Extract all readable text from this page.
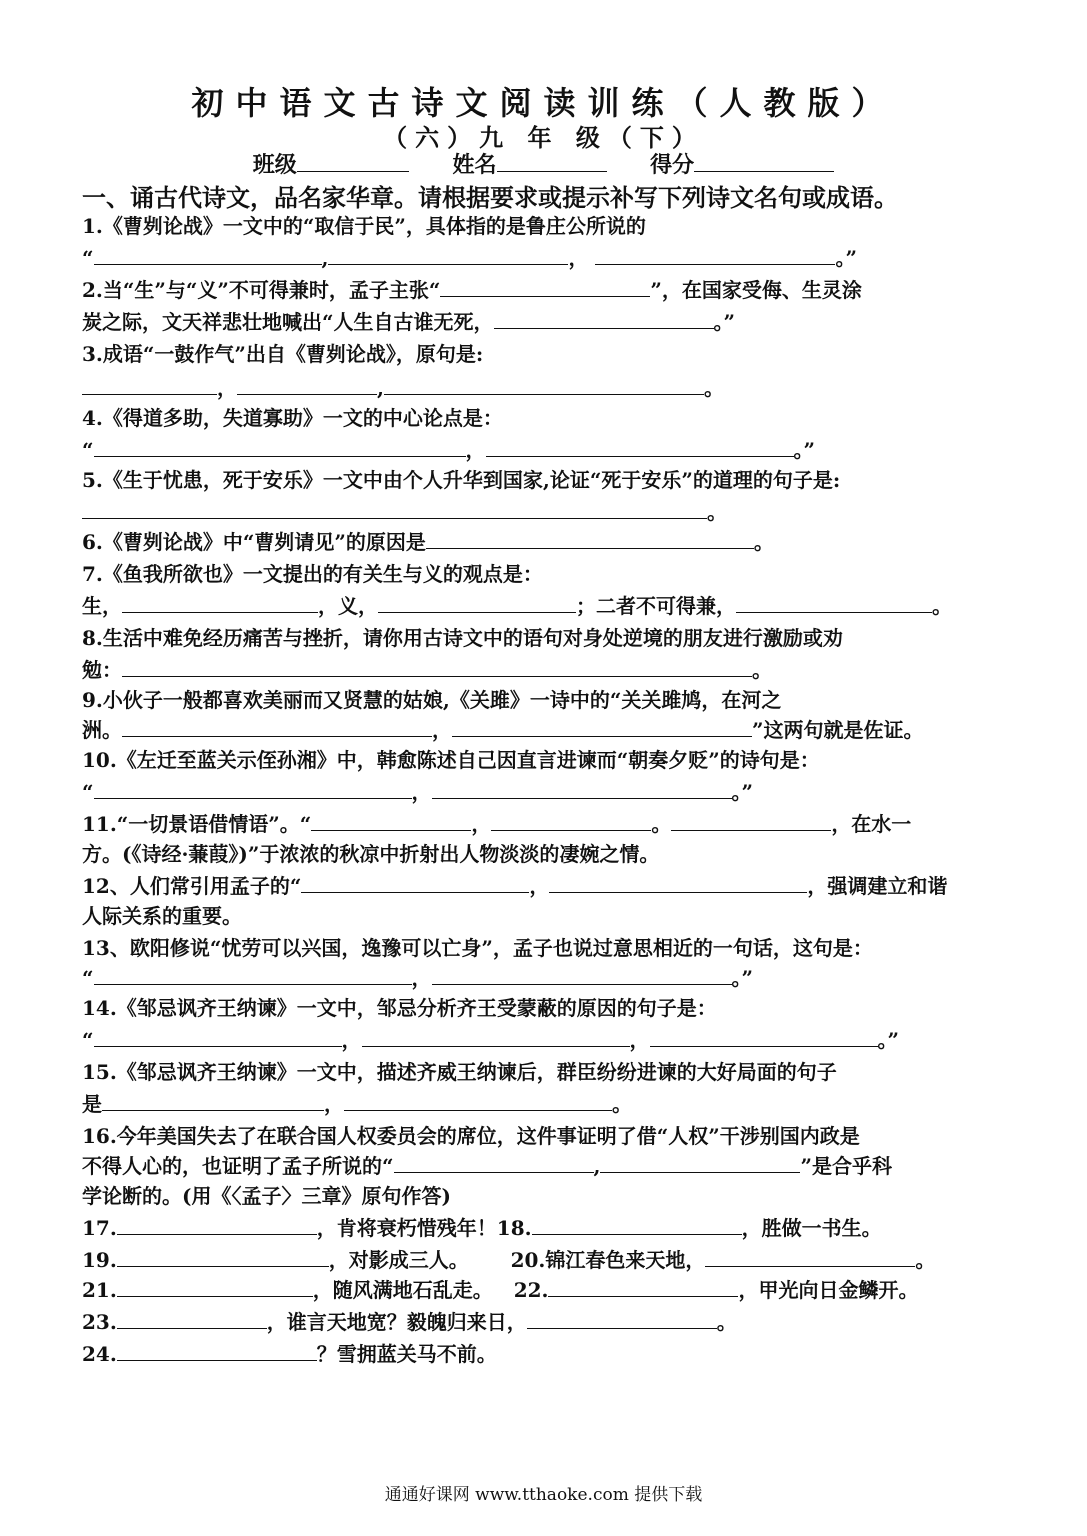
初中语文古诗文阅读训练（人教版）
（六）九 年 级（下）
班级	姓名	得分
一、诵古代诗文，品名家华章。请根据要求或提示补写下列诗文名句或成语。
1.《曹刿论战》一文中的“取信于民”，具体指的是鲁庄公所说的
“	,	，	。”
2.当“生”与“义”不可得兼时，孟子主张“	”，在国家受侮、生灵涂
炭之际，文天祥悲壮地喊出“人生自古谁无死，	。”
3.成语“一鼓作气”出自《曹刿论战》，原句是:
，	,	。
4.《得道多助，失道寡助》一文的中心论点是：
“	，	。”
5.《生于忧患，死于安乐》一文中由个人升华到国家,论证“死于安乐”的道理的句子是:
。
6.《曹刿论战》中“曹刿请见”的原因是	。
7.《鱼我所欲也》一文提出的有关生与义的观点是：
生，	，义，	；二者不可得兼，	。
8.生活中难免经历痛苦与挫折，请你用古诗文中的语句对身处逆境的朋友进行激励或劝
勉：	。
9.小伙子一般都喜欢美丽而又贤慧的姑娘,《关雎》一诗中的“关关雎鸠，在河之
洲。	，	”这两句就是佐证。
10.《左迁至蓝关示侄孙湘》中，韩愈陈述自己因直言进谏而“朝奏夕贬”的诗句是：
“	，	。”
11.“一切景语借情语”。“	，	。	，在水一
方。(《诗经·蒹葭》)”于浓浓的秋凉中折射出人物淡淡的凄婉之情。
12、人们常引用孟子的“	，	，强调建立和谐
人际关系的重要。
13、欧阳修说“忧劳可以兴国，逸豫可以亡身”，孟子也说过意思相近的一句话，这句是：
“	，	。”
14.《邹忌讽齐王纳谏》一文中，邹忌分析齐王受蒙蔽的原因的句子是：
“	，	，	。”
15.《邹忌讽齐王纳谏》一文中，描述齐威王纳谏后，群臣纷纷进谏的大好局面的句子
是	，	。
16.今年美国失去了在联合国人权委员会的席位，这件事证明了借“人权”干涉别国内政是
不得人心的，也证明了孟子所说的“	,	”是合乎科
学论断的。(用《〈孟子〉三章》原句作答)
17.	，肯将衰朽惜残年！18.	，胜做一书生。
19.	，对影成三人。 20.锦江春色来天地，	。
21.	，随风满地石乱走。 22.	，甲光向日金鳞开。
23.	，谁言天地宽？毅魄归来日，	。
24.	？雪拥蓝关马不前。
通通好课网 www.tthaoke.com 提供下载
